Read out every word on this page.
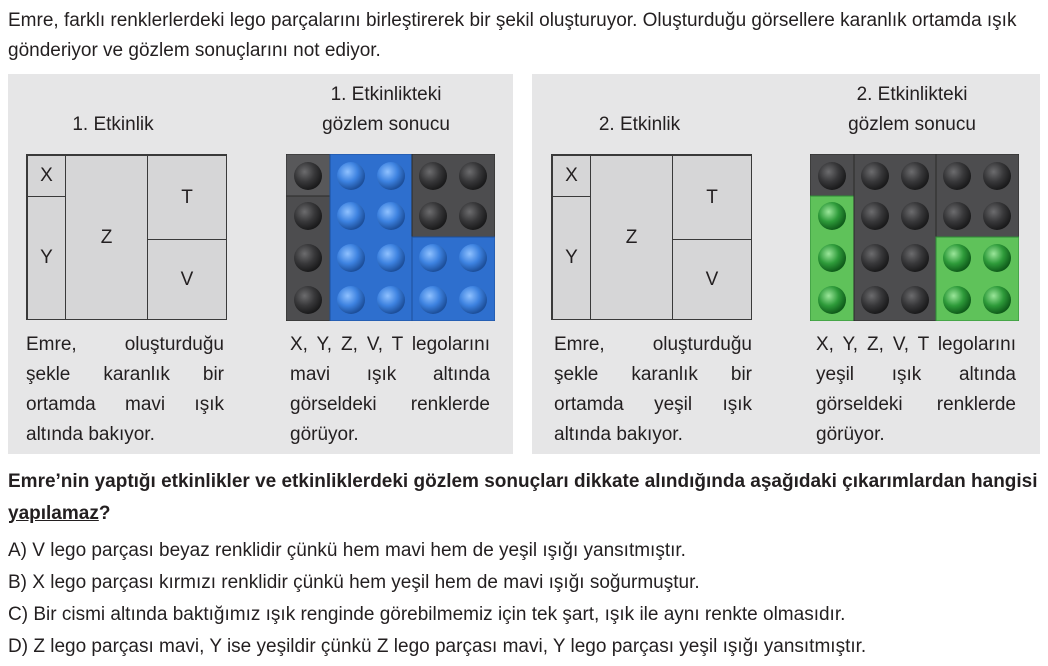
Emre, farklı renklerlerdeki lego parçalarını birleştirerek bir şekil oluşturuyor. Oluşturduğu görsellere karanlık ortamda ışık gönderiyor ve gözlem sonuçlarını not ediyor.
1. Etkinlik
1. Etkinlikteki
gözlem sonucu
X
Y
Z
T
V
Emre, oluşturduğu şekle karanlık bir ortamda mavi ışık altında bakıyor.
X, Y, Z, V, T legolarını mavi ışık altında görseldeki renklerde görüyor.
2. Etkinlik
2. Etkinlikteki
gözlem sonucu
X
Y
Z
T
V
Emre, oluşturduğu şekle karanlık bir ortamda yeşil ışık altında bakıyor.
X, Y, Z, V, T legolarını yeşil ışık altında görseldeki renklerde görüyor.
Emre’nin yaptığı etkinlikler ve etkinliklerdeki gözlem sonuçları dikkate alındığında aşağıdaki çıkarımlardan hangisi yapılamaz?
A) V lego parçası beyaz renklidir çünkü hem mavi hem de yeşil ışığı yansıtmıştır.
B) X lego parçası kırmızı renklidir çünkü hem yeşil hem de mavi ışığı soğurmuştur.
C) Bir cismi altında baktığımız ışık renginde görebilmemiz için tek şart, ışık ile aynı renkte olmasıdır.
D) Z lego parçası mavi, Y ise yeşildir çünkü Z lego parçası mavi, Y lego parçası yeşil ışığı yansıtmıştır.
